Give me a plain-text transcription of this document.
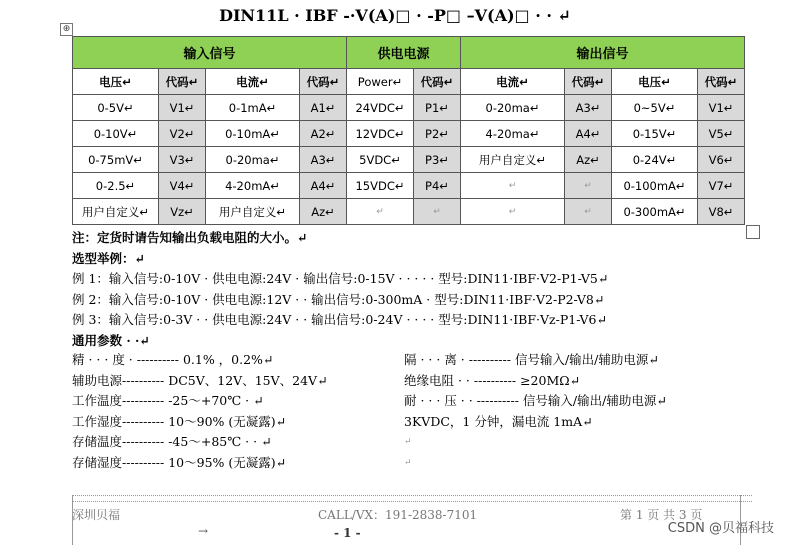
DIN11L · IBF -·V(A)□ · -P□ –V(A)□ · · ↵
⊕
输入信号				供电电源		输出信号			
电压↵	代码↵	电流↵	代码↵	Power↵	代码↵	电流↵	代码↵	电压↵	代码↵
0-5V↵	V1↵	0-1mA↵	A1↵	24VDC↵	P1↵	0-20ma↵	A3↵	0~5V↵	V1↵
0-10V↵	V2↵	0-10mA↵	A2↵	12VDC↵	P2↵	4-20ma↵	A4↵	0-15V↵	V5↵
0-75mV↵	V3↵	0-20ma↵	A3↵	5VDC↵	P3↵	用户自定义↵	Az↵	0-24V↵	V6↵
0-2.5↵	V4↵	4-20mA↵	A4↵	15VDC↵	P4↵	↵	↵	0-100mA↵	V7↵
用户自定义↵	Vz↵	用户自定义↵	Az↵	↵	↵	↵	↵	0-300mA↵	V8↵
注：定货时请告知输出负载电阻的大小。↵
选型举例：↵
例 1：输入信号:0-10V · 供电电源:24V · 输出信号:0-15V · · · · · 型号:DIN11·IBF·V2-P1-V5↵
例 2：输入信号:0-10V · 供电电源:12V · · 输出信号:0-300mA · 型号:DIN11·IBF·V2-P2-V8↵
例 3：输入信号:0-3V · · 供电电源:24V · · 输出信号:0-24V · · · · 型号:DIN11·IBF·Vz-P1-V6↵
通用参数 · ·↵
精 · · · 度 · ---------- 0.1% ，0.2%↵	隔 · · · 离 · ---------- 信号输入/输出/辅助电源↵
辅助电源---------- DC5V、12V、15V、24V↵	绝缘电阻 · · ---------- ≥20MΩ↵
工作温度---------- -25～+70℃ · ↵	耐 · · · 压 · · ---------- 信号输入/输出/辅助电源↵
工作湿度---------- 10～90% (无凝露)↵	3KVDC，1 分钟，漏电流 1mA↵
存储温度---------- -45～+85℃ · · ↵	↵
存储湿度---------- 10～95% (无凝露)↵	↵
深圳贝福	CALL/VX：191-2838-7101	第 1 页 共 3 页
→	- 1 -	CSDN @贝福科技
